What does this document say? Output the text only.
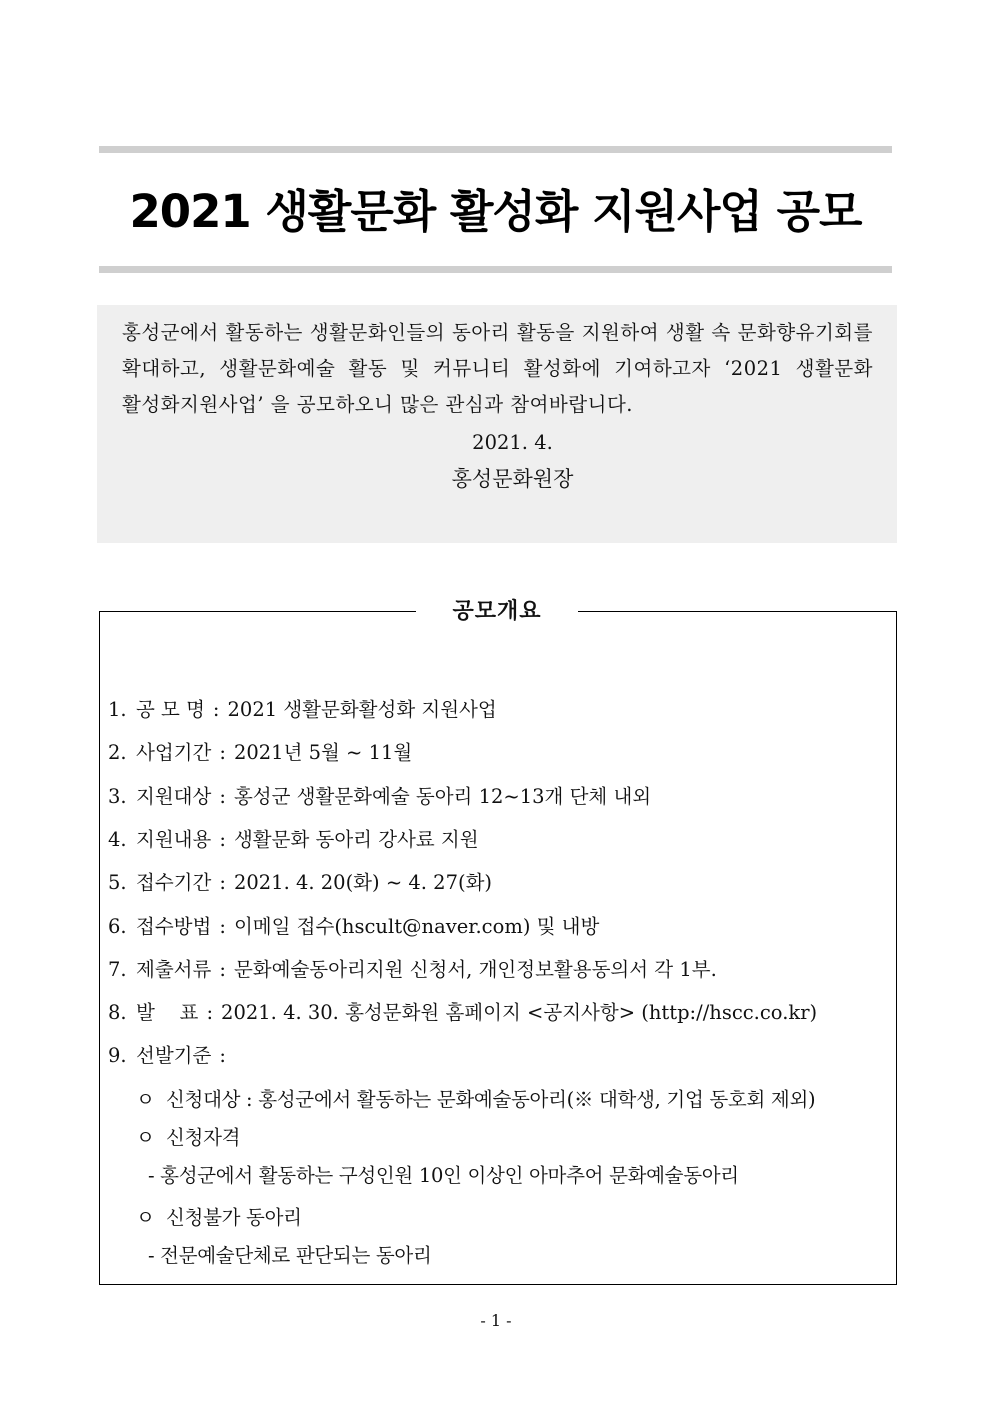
2021 생활문화 활성화 지원사업 공모

홍성군에서 활동하는 생활문화인들의 동아리 활동을 지원하여 생활 속 문화향유기회를 확대하고, 생활문화예술 활동 및 커뮤니티 활성화에 기여하고자 ‘2021 생활문화 활성화지원사업’ 을 공모하오니 많은 관심과 참여바랍니다.

2021. 4.
홍성문화원장
공모개요
1. 공 모 명 : 2021 생활문화활성화 지원사업
2. 사업기간 : 2021년 5월 ~ 11월
3. 지원대상 : 홍성군 생활문화예술 동아리 12~13개 단체 내외
4. 지원내용 : 생활문화 동아리 강사료 지원
5. 접수기간 : 2021. 4. 20(화) ~ 4. 27(화)
6. 접수방법 : 이메일 접수(hscult@naver.com) 및 내방
7. 제출서류 : 문화예술동아리지원 신청서, 개인정보활용동의서 각 1부.
8. 발    표 : 2021. 4. 30. 홍성문화원 홈페이지 <공지사항> (http://hscc.co.kr)
9. 선발기준 :
ㅇ 신청대상 : 홍성군에서 활동하는 문화예술동아리(※ 대학생, 기업 동호회 제외)
ㅇ 신청자격
- 홍성군에서 활동하는 구성인원 10인 이상인 아마추어 문화예술동아리
ㅇ 신청불가 동아리
- 전문예술단체로 판단되는 동아리
- 1 -
